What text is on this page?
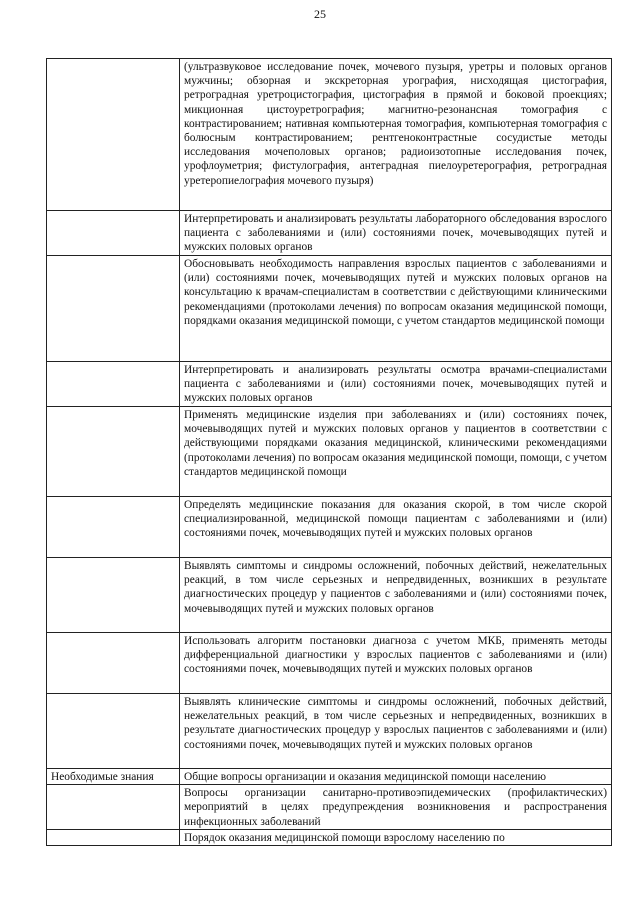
25
	(ультразвуковое исследование почек, мочевого пузыря, уретры и половых органов мужчины; обзорная и экскреторная урография, нисходящая цистография, ретроградная уретроцистография, цистография в прямой и боковой проекциях; микционная цистоуретрография; магнитно-резонансная томография с контрастированием; нативная компьютерная томография, компьютерная томография с болюсным контрастированием; рентгеноконтрастные сосудистые методы исследования мочеполовых органов; радиоизотопные исследования почек, урофлоуметрия; фистулография, антеградная пиелоуретерография, ретроградная уретеропиелография мочевого пузыря)
	Интерпретировать и анализировать результаты лабораторного обследования взрослого пациента с заболеваниями и (или) состояниями почек, мочевыводящих путей и мужских половых органов
	Обосновывать необходимость направления взрослых пациентов с заболеваниями и (или) состояниями почек, мочевыводящих путей и мужских половых органов на консультацию к врачам-специалистам в соответствии с действующими клиническими рекомендациями (протоколами лечения) по вопросам оказания медицинской помощи, порядками оказания медицинской помощи, с учетом стандартов медицинской помощи
	Интерпретировать и анализировать результаты осмотра врачами-специалистами пациента с заболеваниями и (или) состояниями почек, мочевыводящих путей и мужских половых органов
	Применять медицинские изделия при заболеваниях и (или) состояниях почек, мочевыводящих путей и мужских половых органов у пациентов в соответствии с действующими порядками оказания медицинской, клиническими рекомендациями (протоколами лечения) по вопросам оказания медицинской помощи, помощи, с учетом стандартов медицинской помощи
	Определять медицинские показания для оказания скорой, в том числе скорой специализированной, медицинской помощи пациентам с заболеваниями и (или) состояниями почек, мочевыводящих путей и мужских половых органов
	Выявлять симптомы и синдромы осложнений, побочных действий, нежелательных реакций, в том числе серьезных и непредвиденных, возникших в результате диагностических процедур у пациентов с заболеваниями и (или) состояниями почек, мочевыводящих путей и мужских половых органов
	Использовать алгоритм постановки диагноза с учетом МКБ, применять методы дифференциальной диагностики у взрослых пациентов с заболеваниями и (или) состояниями почек, мочевыводящих путей и мужских половых органов
	Выявлять клинические симптомы и синдромы осложнений, побочных действий, нежелательных реакций, в том числе серьезных и непредвиденных, возникших в результате диагностических процедур у взрослых пациентов с заболеваниями и (или) состояниями почек, мочевыводящих путей и мужских половых органов
Необходимые знания	Общие вопросы организации и оказания медицинской помощи населению
	Вопросы организации санитарно-противоэпидемических (профилактических) мероприятий в целях предупреждения возникновения и распространения инфекционных заболеваний
	Порядок оказания медицинской помощи взрослому населению по
